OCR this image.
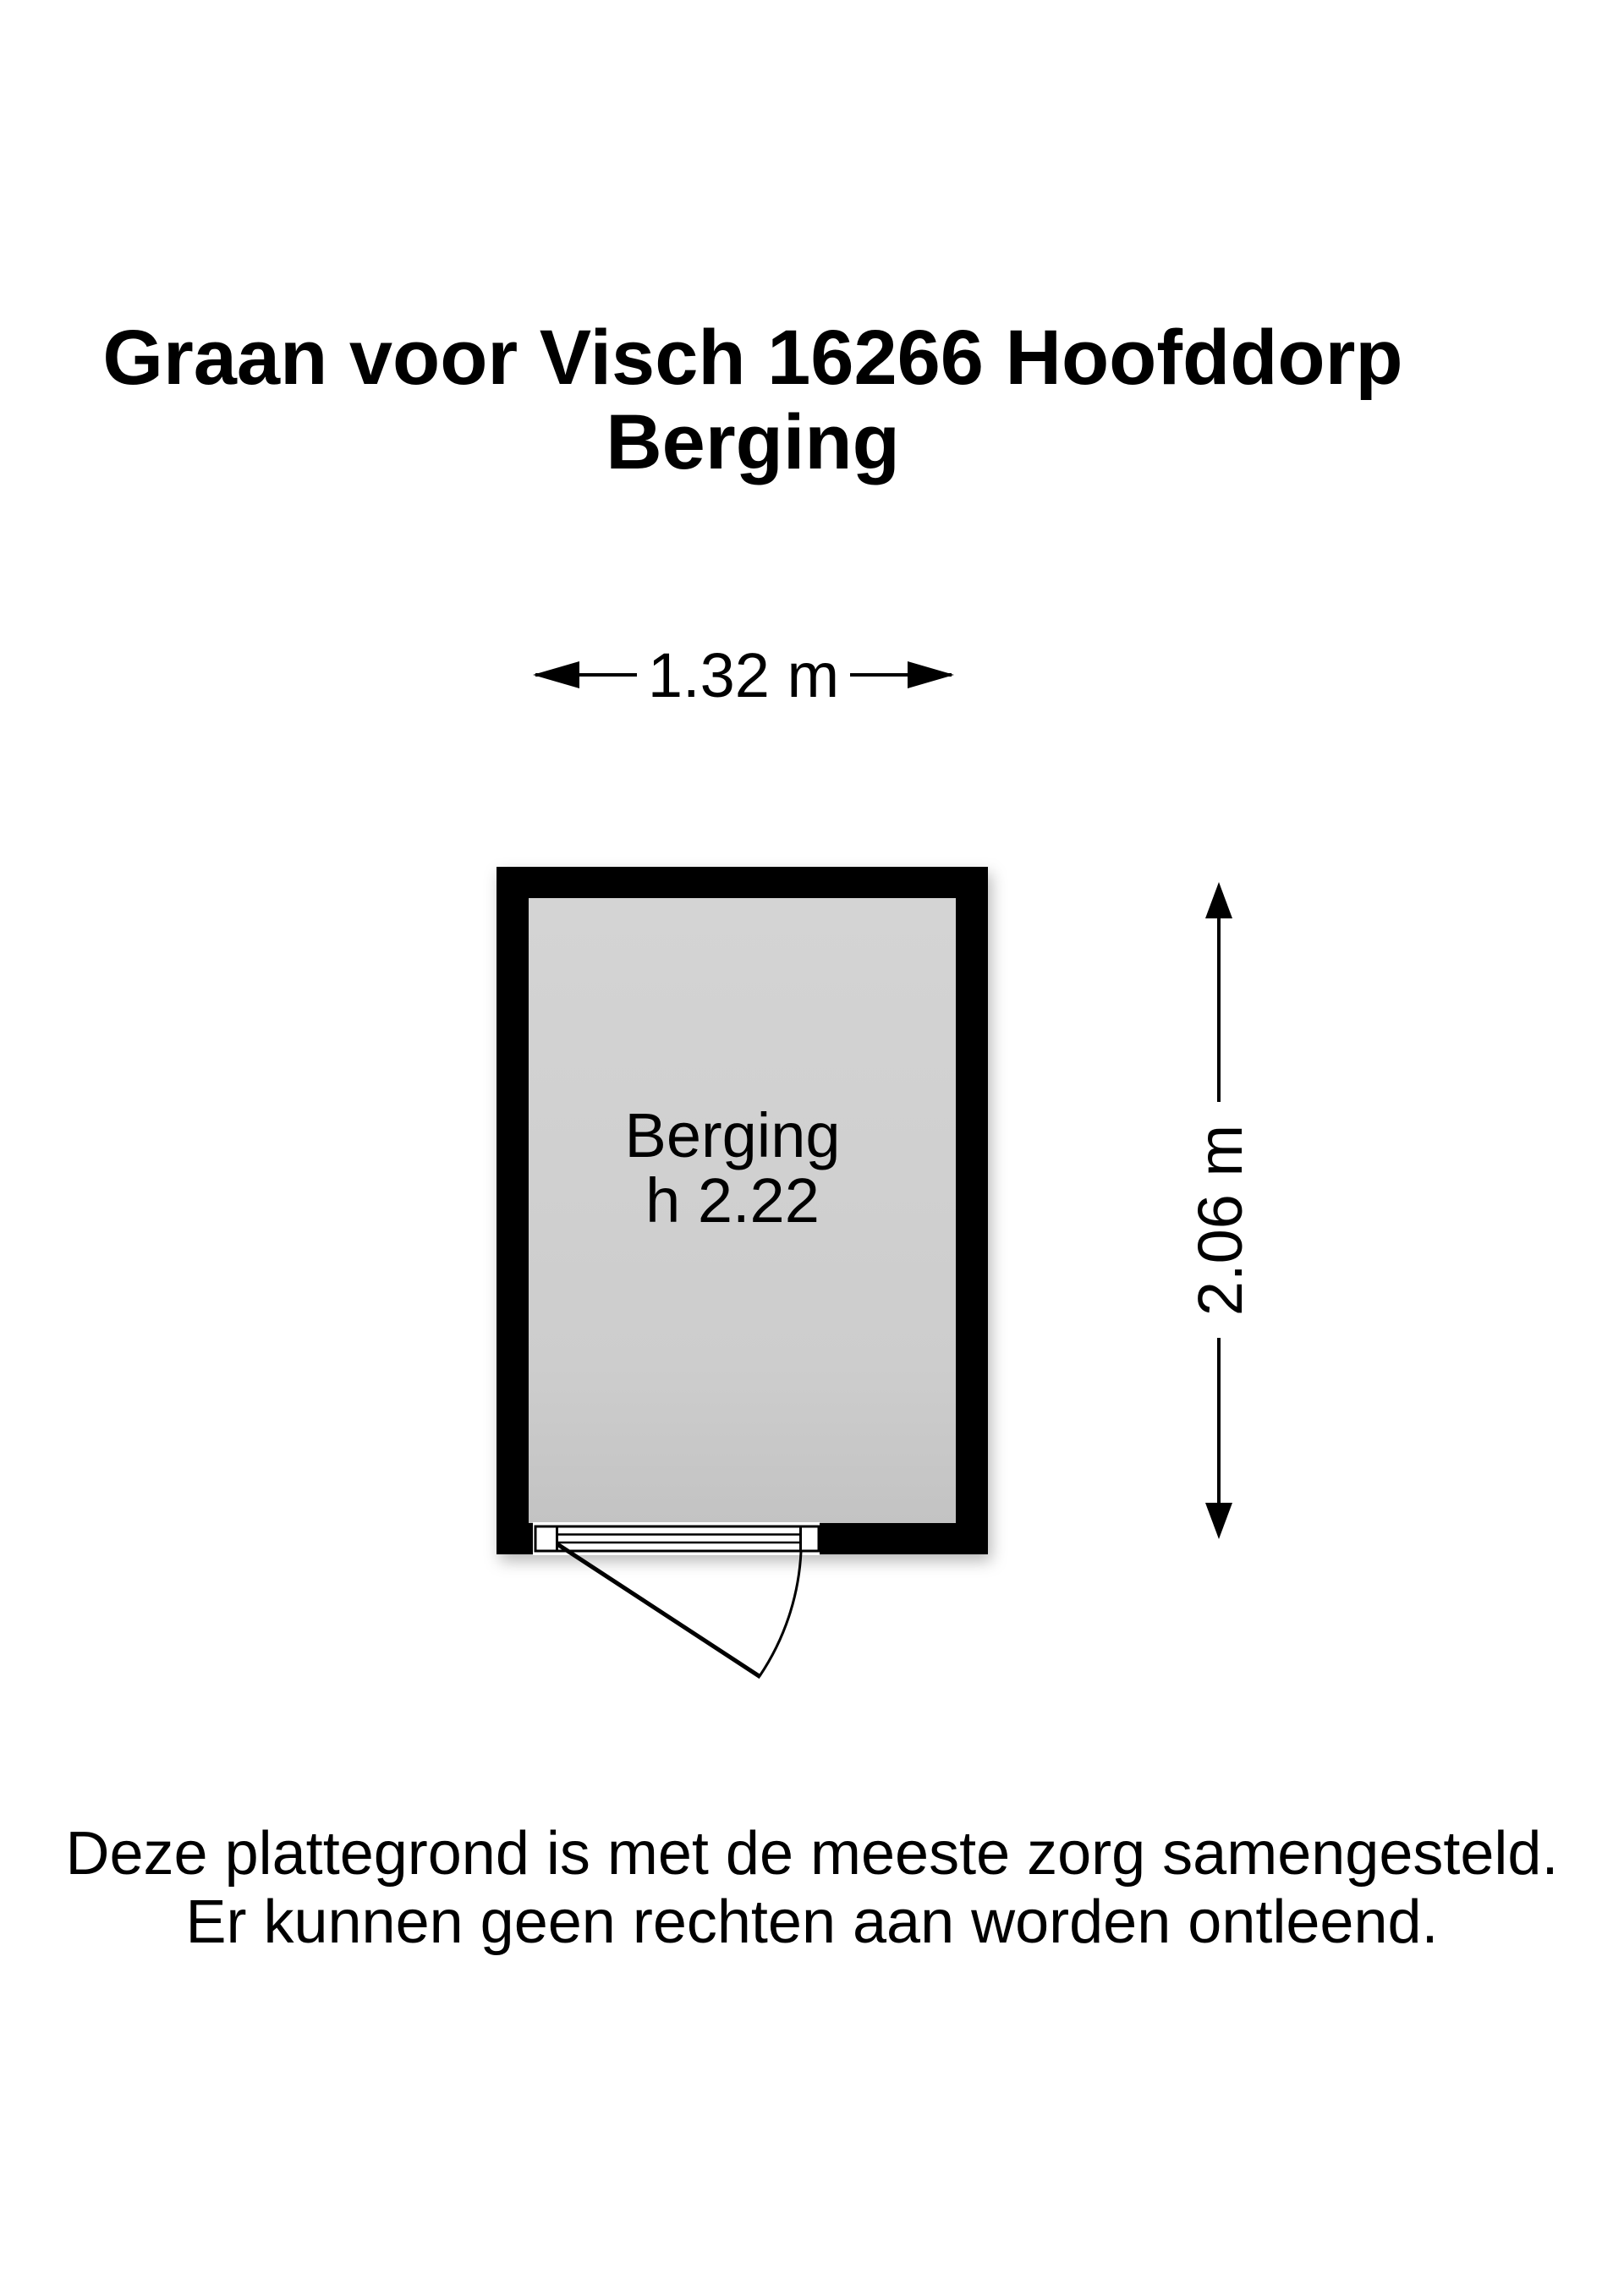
Graan voor Visch 16266 Hoofddorp
Berging
1.32 m
2.06 m
Berging
h 2.22
Deze plattegrond is met de meeste zorg samengesteld.
Er kunnen geen rechten aan worden ontleend.
